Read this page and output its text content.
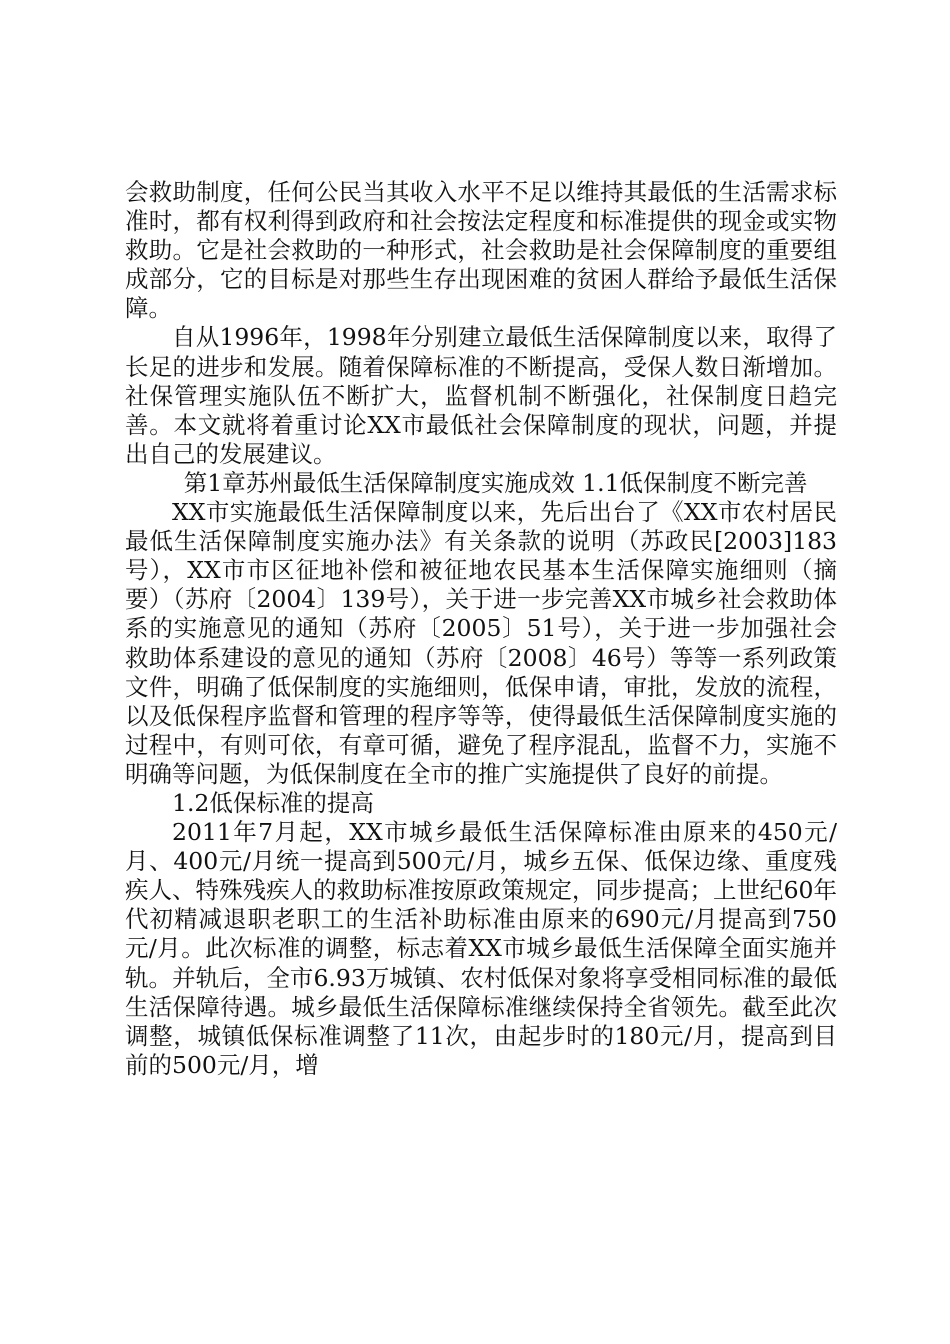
会救助制度，任何公民当其收入水平不足以维持其最低的生活需求标准时，都有权利得到政府和社会按法定程度和标准提供的现金或实物救助。它是社会救助的一种形式，社会救助是社会保障制度的重要组成部分，它的目标是对那些生存出现困难的贫困人群给予最低生活保障。

自从1996年，1998年分别建立最低生活保障制度以来，取得了长足的进步和发展。随着保障标准的不断提高，受保人数日渐增加。社保管理实施队伍不断扩大，监督机制不断强化，社保制度日趋完善。本文就将着重讨论XX市最低社会保障制度的现状，问题，并提出自己的发展建议。

第1章苏州最低生活保障制度实施成效 1.1低保制度不断完善

XX市实施最低生活保障制度以来，先后出台了《XX市农村居民最低生活保障制度实施办法》有关条款的说明（苏政民[2003]183号），XX市市区征地补偿和被征地农民基本生活保障实施细则（摘要）（苏府〔2004〕139号），关于进一步完善XX市城乡社会救助体系的实施意见的通知（苏府〔2005〕51号），关于进一步加强社会救助体系建设的意见的通知（苏府〔2008〕46号）等等一系列政策文件，明确了低保制度的实施细则，低保申请，审批，发放的流程，以及低保程序监督和管理的程序等等，使得最低生活保障制度实施的过程中，有则可依，有章可循，避免了程序混乱，监督不力，实施不明确等问题，为低保制度在全市的推广实施提供了良好的前提。

1.2低保标准的提高

2011年7月起，XX市城乡最低生活保障标准由原来的450元/月、400元/月统一提高到500元/月，城乡五保、低保边缘、重度残疾人、特殊残疾人的救助标准按原政策规定，同步提高；上世纪60年代初精减退职老职工的生活补助标准由原来的690元/月提高到750元/月。此次标准的调整，标志着XX市城乡最低生活保障全面实施并轨。并轨后，全市6.93万城镇、农村低保对象将享受相同标准的最低生活保障待遇。城乡最低生活保障标准继续保持全省领先。截至此次调整，城镇低保标准调整了11次，由起步时的180元/月，提高到目前的500元/月，增
